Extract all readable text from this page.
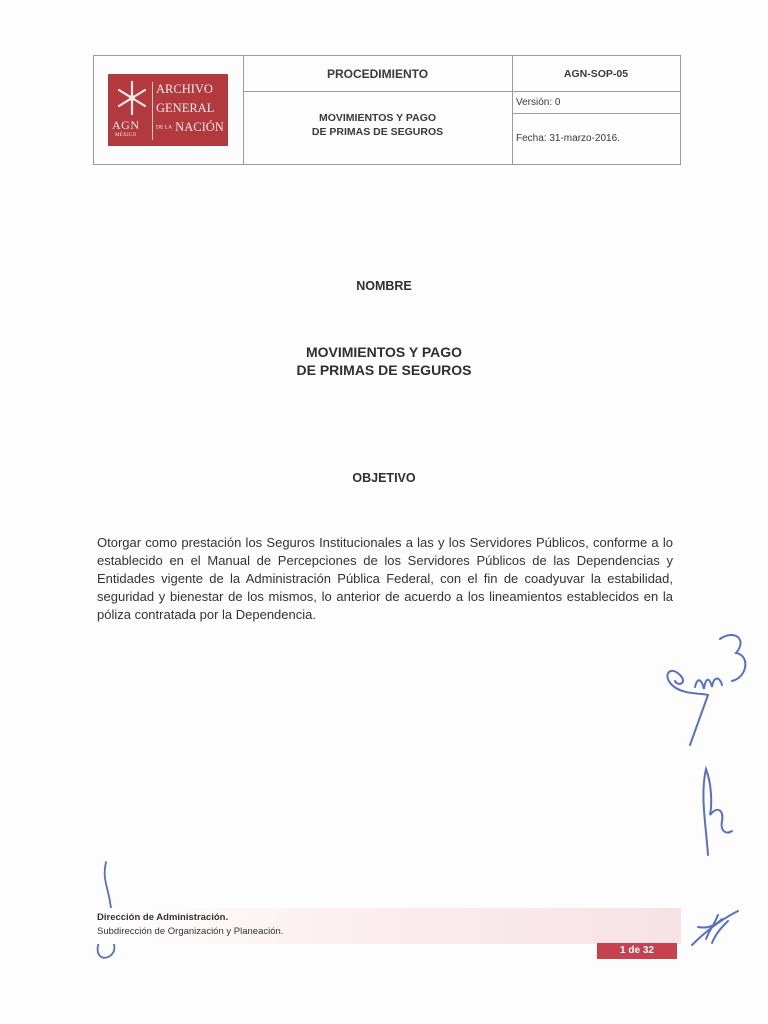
AGN
MÉXICO
ARCHIVO
GENERAL
DE LA NACIÓN
PROCEDIMIENTO
MOVIMIENTOS Y PAGO
DE PRIMAS DE SEGUROS
AGN-SOP-05
Versión: 0
Fecha: 31-marzo-2016.
NOMBRE
MOVIMIENTOS Y PAGO
DE PRIMAS DE SEGUROS
OBJETIVO
Otorgar como prestación los Seguros Institucionales a las y los Servidores Públicos, conforme a lo establecido en el Manual de Percepciones de los Servidores Públicos de las Dependencias y Entidades vigente de la Administración Pública Federal, con el fin de coadyuvar la estabilidad, seguridad y bienestar de los mismos, lo anterior de acuerdo a los lineamientos establecidos en la póliza contratada por la Dependencia.
Dirección de Administración.
Subdirección de Organización y Planeación.
1 de 32
